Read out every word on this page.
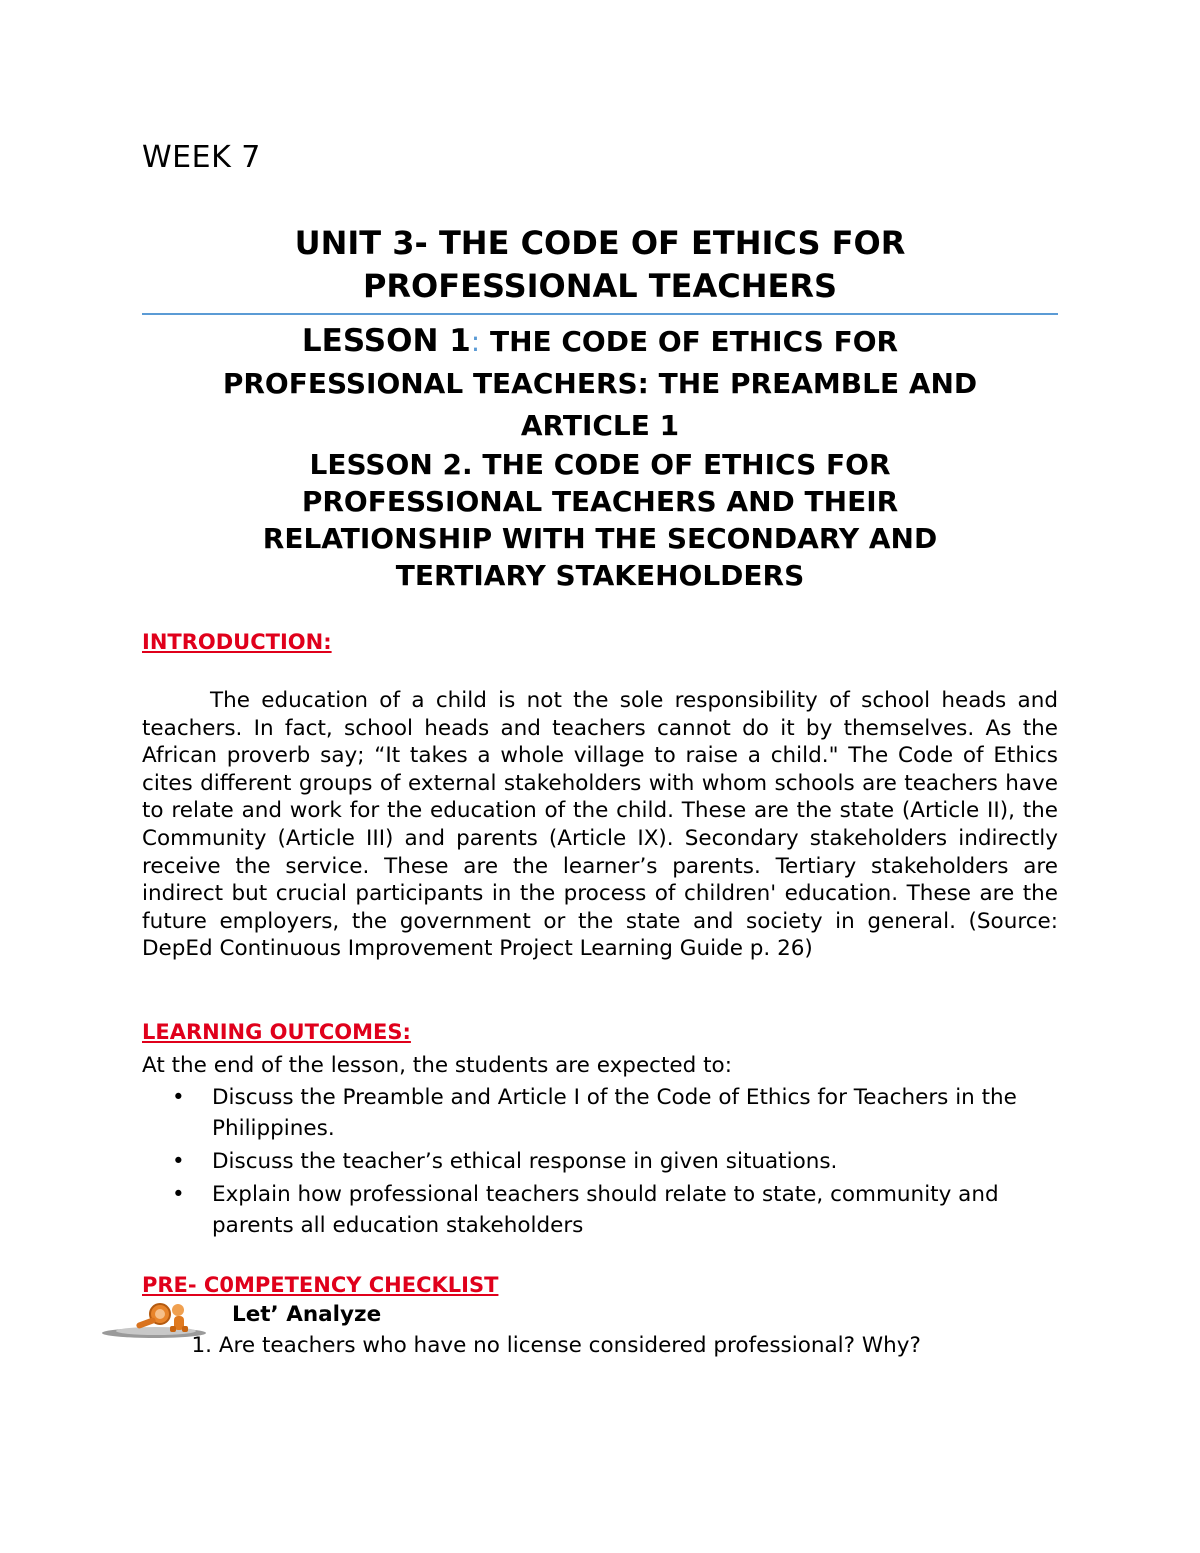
WEEK 7
UNIT 3- THE CODE OF ETHICS FOR
PROFESSIONAL TEACHERS
LESSON 1: THE CODE OF ETHICS FOR
PROFESSIONAL TEACHERS: THE PREAMBLE AND
ARTICLE 1
LESSON 2. THE CODE OF ETHICS FOR
PROFESSIONAL TEACHERS AND THEIR
RELATIONSHIP WITH THE SECONDARY AND
TERTIARY STAKEHOLDERS
INTRODUCTION:
The education of a child is not the sole responsibility of school heads and teachers. In fact, school heads and teachers cannot do it by themselves. As the African proverb say; “It takes a whole village to raise a child." The Code of Ethics cites different groups of external stakeholders with whom schools are teachers have to relate and work for the education of the child. These are the state (Article II), the Community (Article III) and parents (Article IX). Secondary stakeholders indirectly receive the service. These are the learner’s parents. Tertiary stakeholders are indirect but crucial participants in the process of children' education. These are the future employers, the government or the state and society in general. (Source: DepEd Continuous Improvement Project Learning Guide p. 26)
LEARNING OUTCOMES:
At the end of the lesson, the students are expected to:
• Discuss the Preamble and Article I of the Code of Ethics for Teachers in the Philippines.
• Discuss the teacher’s ethical response in given situations.
• Explain how professional teachers should relate to state, community and parents all education stakeholders
PRE- C0MPETENCY CHECKLIST
Let’ Analyze
1. Are teachers who have no license considered professional? Why?
